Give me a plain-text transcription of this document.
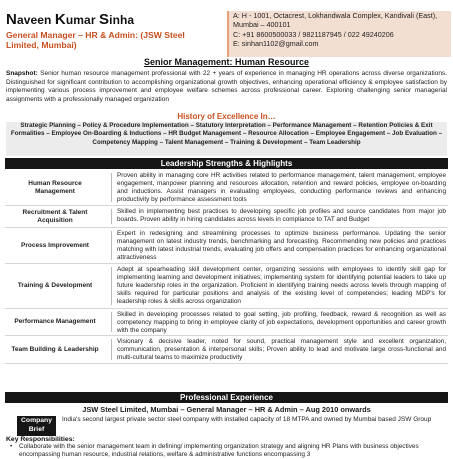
Naveen Kumar Sinha
General Manager – HR & Admin: (JSW Steel
Limited, Mumbai)
A: H - 1001, Octacrest, Lokhandwala Complex, Kandivali (East),
Mumbai – 400101
C: +91 8600500033 / 9821187945 / 022 49240206
E: sinhan1102@gmail.com
Senior Management: Human Resource
Snapshot: Senior human resource management professional with 22 + years of experience in managing HR operations across diverse organizations. Distinguished for significant contribution to accomplishing organizational growth objectives, enhancing operational efficiency & employee satisfaction by implementing various process improvement and employee welfare schemes across professional career. Exploring challenging senior managerial assignments with a professionally managed organization
History of Excellence In…
Strategic Planning – Policy & Procedure Implementation – Statutory Interpretation – Performance Management – Retention Policies & Exit Formalities – Employee On-Boarding & Inductions – HR Budget Management – Resource Allocation – Employee Engagement – Job Evaluation – Competency Mapping – Talent Management – Training & Development – Team Leadership
Leadership Strengths & Highlights
Human Resource Management
Proven ability in managing core HR activities related to performance management, talent management, employee engagement, manpower planning and resources allocation, retention and reward policies, employee on-boarding and inductions. Assist managers in evaluating employees, conducting performance reviews and enhancing productivity by performance assessment tools
Recruitment & Talent Acquisition
Skilled in implementing best practices to developing specific job profiles and source candidates from major job boards. Proven ability in hiring candidates across levels in compliance to TAT and Budget
Process Improvement
Expert in redesigning and streamlining processes to optimize business performance. Updating the senior management on latest industry trends, benchmarking and forecasting. Recommending new policies and practices matching with latest industrial trends, evaluating job offers and compensation practices for enhancing organizational attractiveness
Training & Development
Adept at spearheading skill development center, organizing sessions with employees to identify skill gap for implementing learning and development initiatives; implementing system for identifying potential leaders to take up future leadership roles in the organization. Proficient in identifying training needs across levels through mapping of skills required for particular positions and analysis of the existing level of competencies; leading MDP's for leadership roles & skills across organization
Performance Management
Skilled in developing processes related to goal setting, job profiling, feedback, reward & recognition as well as competency mapping to bring in employee clarity of job expectations, development opportunities and career growth with the company
Team Building & Leadership
Visionary & decisive leader, noted for sound, practical management style and excellent organization, communication, presentation & interpersonal skills; Proven ability to lead and motivate large cross-functional and multi-cultural teams to maximize productivity
Professional Experience
JSW Steel Limited, Mumbai – General Manager – HR & Admin – Aug 2010 onwards
Company
Brief
India's second largest private sector steel company with installed capacity of 18 MTPA and owned by Mumbai based JSW Group
Key Responsibilities:
• Collaborate with the senior management team in defining/ implementing organization strategy and aligning HR Plans with business objectives encompassing human resource, industrial relations, welfare & administrative functions encompassing 3
